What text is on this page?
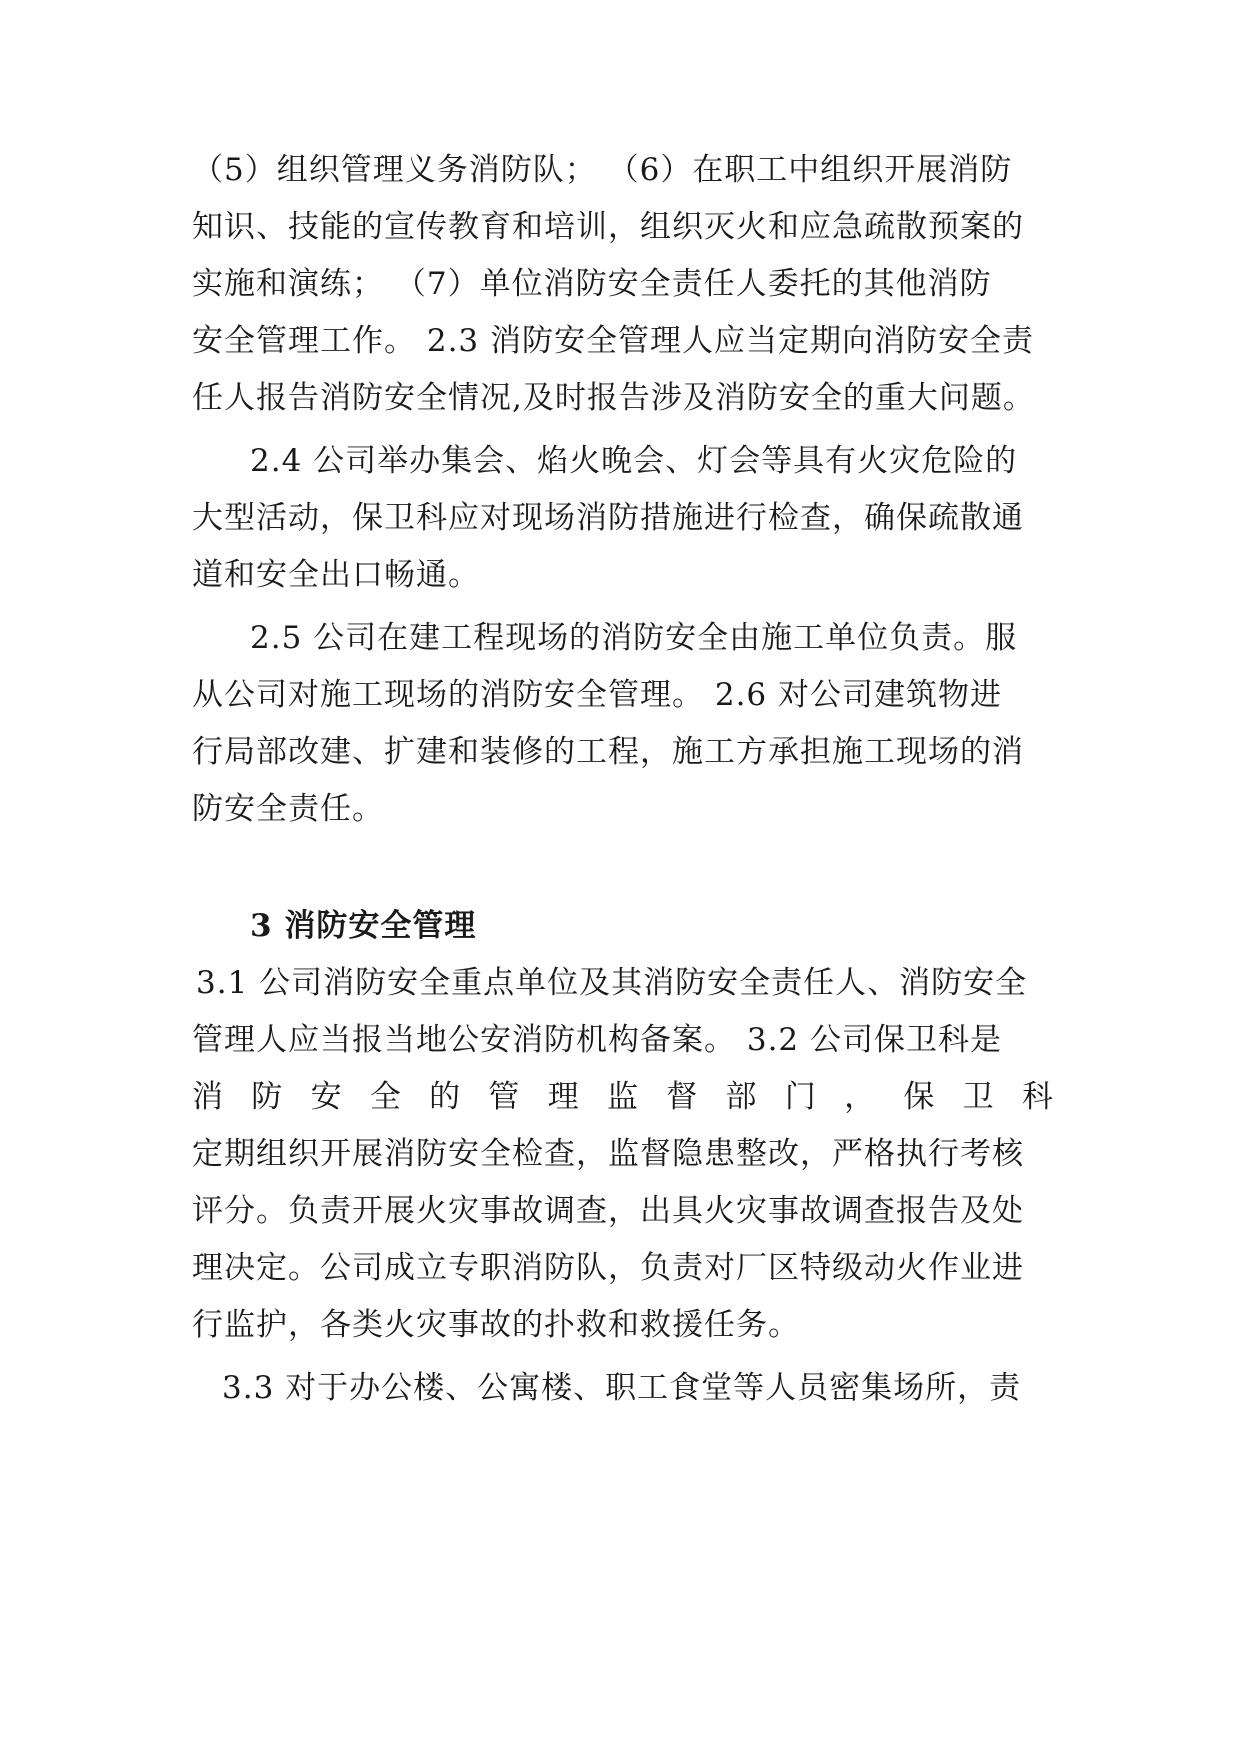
（5）组织管理义务消防队； （6）在职工中组织开展消防
知识、技能的宣传教育和培训，组织灭火和应急疏散预案的
实施和演练； （7）单位消防安全责任人委托的其他消防
安全管理工作。 2.3 消防安全管理人应当定期向消防安全责
任人报告消防安全情况,及时报告涉及消防安全的重大问题。
2.4 公司举办集会、焰火晚会、灯会等具有火灾危险的
大型活动，保卫科应对现场消防措施进行检查，确保疏散通
道和安全出口畅通。
2.5 公司在建工程现场的消防安全由施工单位负责。服
从公司对施工现场的消防安全管理。 2.6 对公司建筑物进
行局部改建、扩建和装修的工程，施工方承担施工现场的消
防安全责任。
3 消防安全管理
3.1 公司消防安全重点单位及其消防安全责任人、消防安全
管理人应当报当地公安消防机构备案。 3.2 公司保卫科是
消 防 安 全 的 管 理 监 督 部 门 ， 保 卫 科
定期组织开展消防安全检查，监督隐患整改，严格执行考核
评分。负责开展火灾事故调查，出具火灾事故调查报告及处
理决定。公司成立专职消防队，负责对厂区特级动火作业进
行监护，各类火灾事故的扑救和救援任务。
3.3 对于办公楼、公寓楼、职工食堂等人员密集场所，责
